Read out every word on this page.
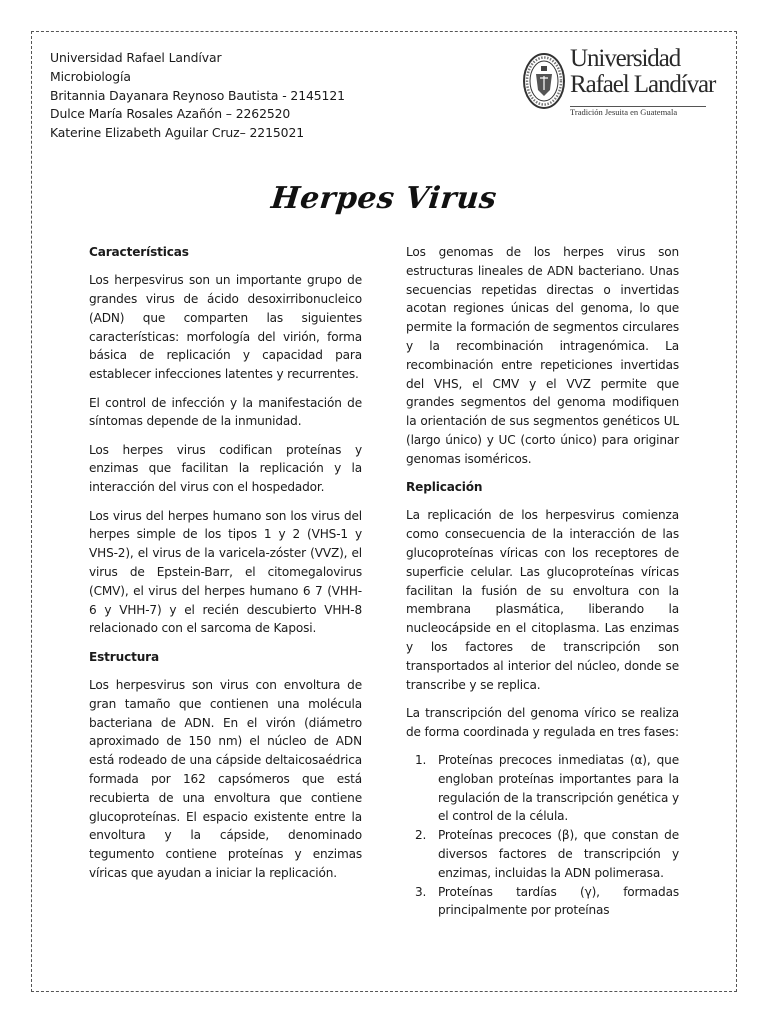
Universidad Rafael Landívar
Microbiología
Britannia Dayanara Reynoso Bautista - 2145121
Dulce María Rosales Azañón – 2262520
Katerine Elizabeth Aguilar Cruz– 2215021
Universidad
Rafael Landívar
Tradición Jesuita en Guatemala
Herpes Virus
Características

Los herpesvirus son un importante grupo de grandes virus de ácido desoxirribonucleico (ADN) que comparten las siguientes características: morfología del virión, forma básica de replicación y capacidad para establecer infecciones latentes y recurrentes.

El control de infección y la manifestación de síntomas depende de la inmunidad.

Los herpes virus codifican proteínas y enzimas que facilitan la replicación y la interacción del virus con el hospedador.

Los virus del herpes humano son los virus del herpes simple de los tipos 1 y 2 (VHS-1 y VHS-2), el virus de la varicela-zóster (VVZ), el virus de Epstein-Barr, el citomegalovirus (CMV), el virus del herpes humano 6 7 (VHH-6 y VHH-7) y el recién descubierto VHH-8 relacionado con el sarcoma de Kaposi.

Estructura

Los herpesvirus son virus con envoltura de gran tamaño que contienen una molécula bacteriana de ADN. En el virón (diámetro aproximado de 150 nm) el núcleo de ADN está rodeado de una cápside deltaicosaédrica formada por 162 capsómeros que está recubierta de una envoltura que contiene glucoproteínas. El espacio existente entre la envoltura y la cápside, denominado tegumento contiene proteínas y enzimas víricas que ayudan a iniciar la replicación.

Los genomas de los herpes virus son estructuras lineales de ADN bacteriano. Unas secuencias repetidas directas o invertidas acotan regiones únicas del genoma, lo que permite la formación de segmentos circulares y la recombinación intragenómica. La recombinación entre repeticiones invertidas del VHS, el CMV y el VVZ permite que grandes segmentos del genoma modifiquen la orientación de sus segmentos genéticos UL (largo único) y UC (corto único) para originar genomas isoméricos.

Replicación

La replicación de los herpesvirus comienza como consecuencia de la interacción de las glucoproteínas víricas con los receptores de superficie celular. Las glucoproteínas víricas facilitan la fusión de su envoltura con la membrana plasmática, liberando la nucleocápside en el citoplasma. Las enzimas y los factores de transcripción son transportados al interior del núcleo, donde se transcribe y se replica.

La transcripción del genoma vírico se realiza de forma coordinada y regulada en tres fases:

1. Proteínas precoces inmediatas (α), que engloban proteínas importantes para la regulación de la transcripción genética y el control de la célula.
2. Proteínas precoces (β), que constan de diversos factores de transcripción y enzimas, incluidas la ADN polimerasa.
3. Proteínas tardías (γ), formadas principalmente por proteínas
